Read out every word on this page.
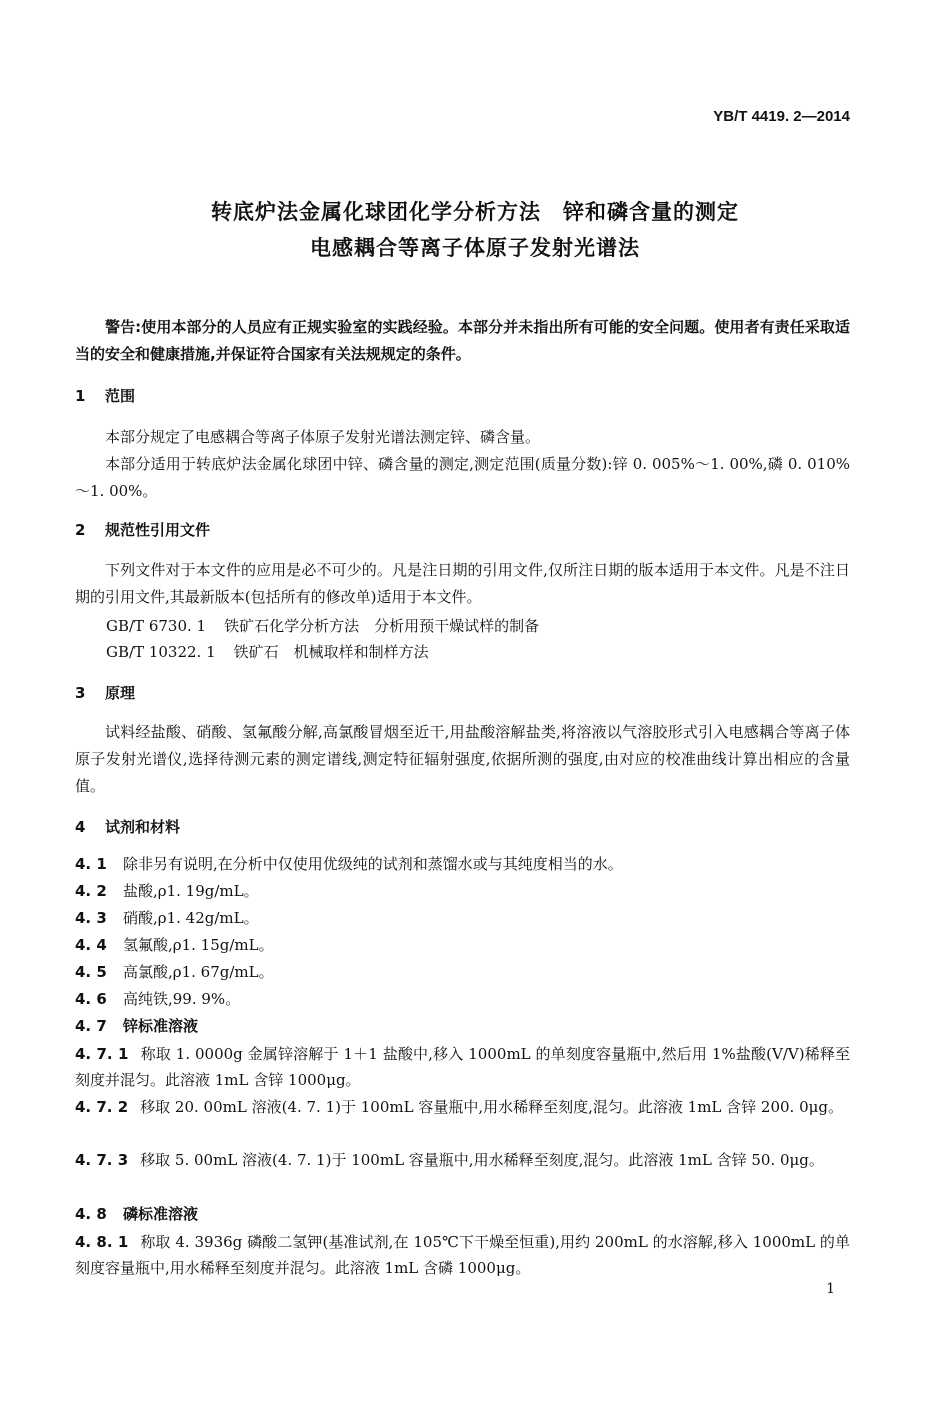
YB/T 4419. 2—2014
转底炉法金属化球团化学分析方法　锌和磷含量的测定
电感耦合等离子体原子发射光谱法
警告:使用本部分的人员应有正规实验室的实践经验。本部分并未指出所有可能的安全问题。使用者有责任采取适当的安全和健康措施,并保证符合国家有关法规规定的条件。
1 范围
本部分规定了电感耦合等离子体原子发射光谱法测定锌、磷含量。
本部分适用于转底炉法金属化球团中锌、磷含量的测定,测定范围(质量分数):锌 0. 005%～1. 00%,磷 0. 010%～1. 00%。
2 规范性引用文件
下列文件对于本文件的应用是必不可少的。凡是注日期的引用文件,仅所注日期的版本适用于本文件。凡是不注日期的引用文件,其最新版本(包括所有的修改单)适用于本文件。
GB/T 6730. 1 铁矿石化学分析方法　分析用预干燥试样的制备
GB/T 10322. 1 铁矿石　机械取样和制样方法
3 原理
试料经盐酸、硝酸、氢氟酸分解,高氯酸冒烟至近干,用盐酸溶解盐类,将溶液以气溶胶形式引入电感耦合等离子体原子发射光谱仪,选择待测元素的测定谱线,测定特征辐射强度,依据所测的强度,由对应的校准曲线计算出相应的含量值。
4 试剂和材料
4. 1 除非另有说明,在分析中仅使用优级纯的试剂和蒸馏水或与其纯度相当的水。
4. 2 盐酸,ρ1. 19g/mL。
4. 3 硝酸,ρ1. 42g/mL。
4. 4 氢氟酸,ρ1. 15g/mL。
4. 5 高氯酸,ρ1. 67g/mL。
4. 6 高纯铁,99. 9%。
4. 7 锌标准溶液
4. 7. 1 称取 1. 0000g 金属锌溶解于 1＋1 盐酸中,移入 1000mL 的单刻度容量瓶中,然后用 1%盐酸(V/V)稀释至刻度并混匀。此溶液 1mL 含锌 1000μg。
4. 7. 2 移取 20. 00mL 溶液(4. 7. 1)于 100mL 容量瓶中,用水稀释至刻度,混匀。此溶液 1mL 含锌 200. 0μg。
4. 7. 3 移取 5. 00mL 溶液(4. 7. 1)于 100mL 容量瓶中,用水稀释至刻度,混匀。此溶液 1mL 含锌 50. 0μg。
4. 8 磷标准溶液
4. 8. 1 称取 4. 3936g 磷酸二氢钾(基准试剂,在 105℃下干燥至恒重),用约 200mL 的水溶解,移入 1000mL 的单刻度容量瓶中,用水稀释至刻度并混匀。此溶液 1mL 含磷 1000μg。
1
